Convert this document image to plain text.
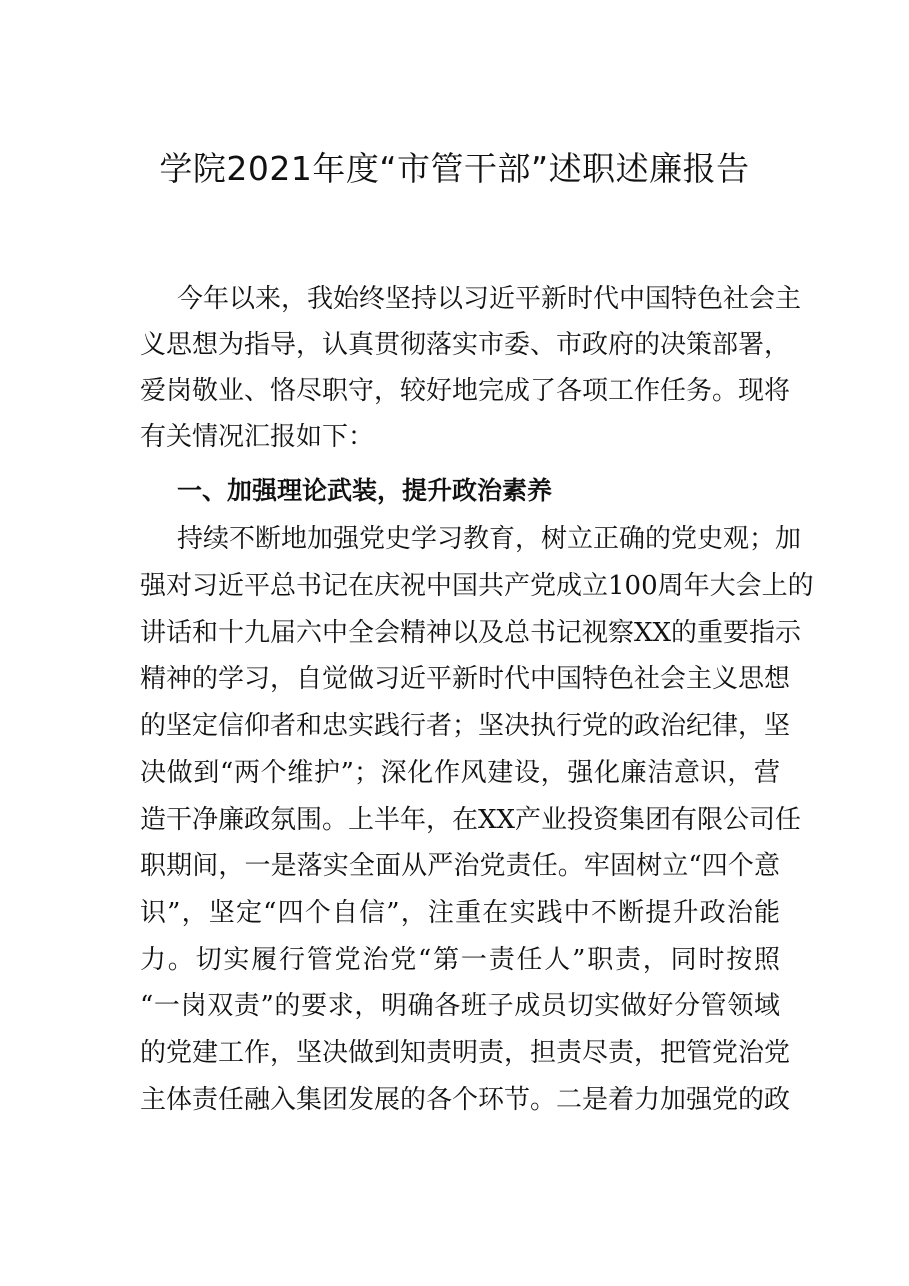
学院2021年度“市管干部”述职述廉报告
今年以来，我始终坚持以习近平新时代中国特色社会主
义思想为指导，认真贯彻落实市委、市政府的决策部署，
爱岗敬业、恪尽职守，较好地完成了各项工作任务。现将
有关情况汇报如下：
一、加强理论武装，提升政治素养
持续不断地加强党史学习教育，树立正确的党史观；加
强对习近平总书记在庆祝中国共产党成立100周年大会上的
讲话和十九届六中全会精神以及总书记视察XX的重要指示
精神的学习，自觉做习近平新时代中国特色社会主义思想
的坚定信仰者和忠实践行者；坚决执行党的政治纪律，坚
决做到“两个维护”；深化作风建设，强化廉洁意识，营
造干净廉政氛围。上半年，在XX产业投资集团有限公司任
职期间，一是落实全面从严治党责任。牢固树立“四个意
识”，坚定“四个自信”，注重在实践中不断提升政治能
力。切实履行管党治党“第一责任人”职责，同时按照
“一岗双责”的要求，明确各班子成员切实做好分管领域
的党建工作，坚决做到知责明责，担责尽责，把管党治党
主体责任融入集团发展的各个环节。二是着力加强党的政
